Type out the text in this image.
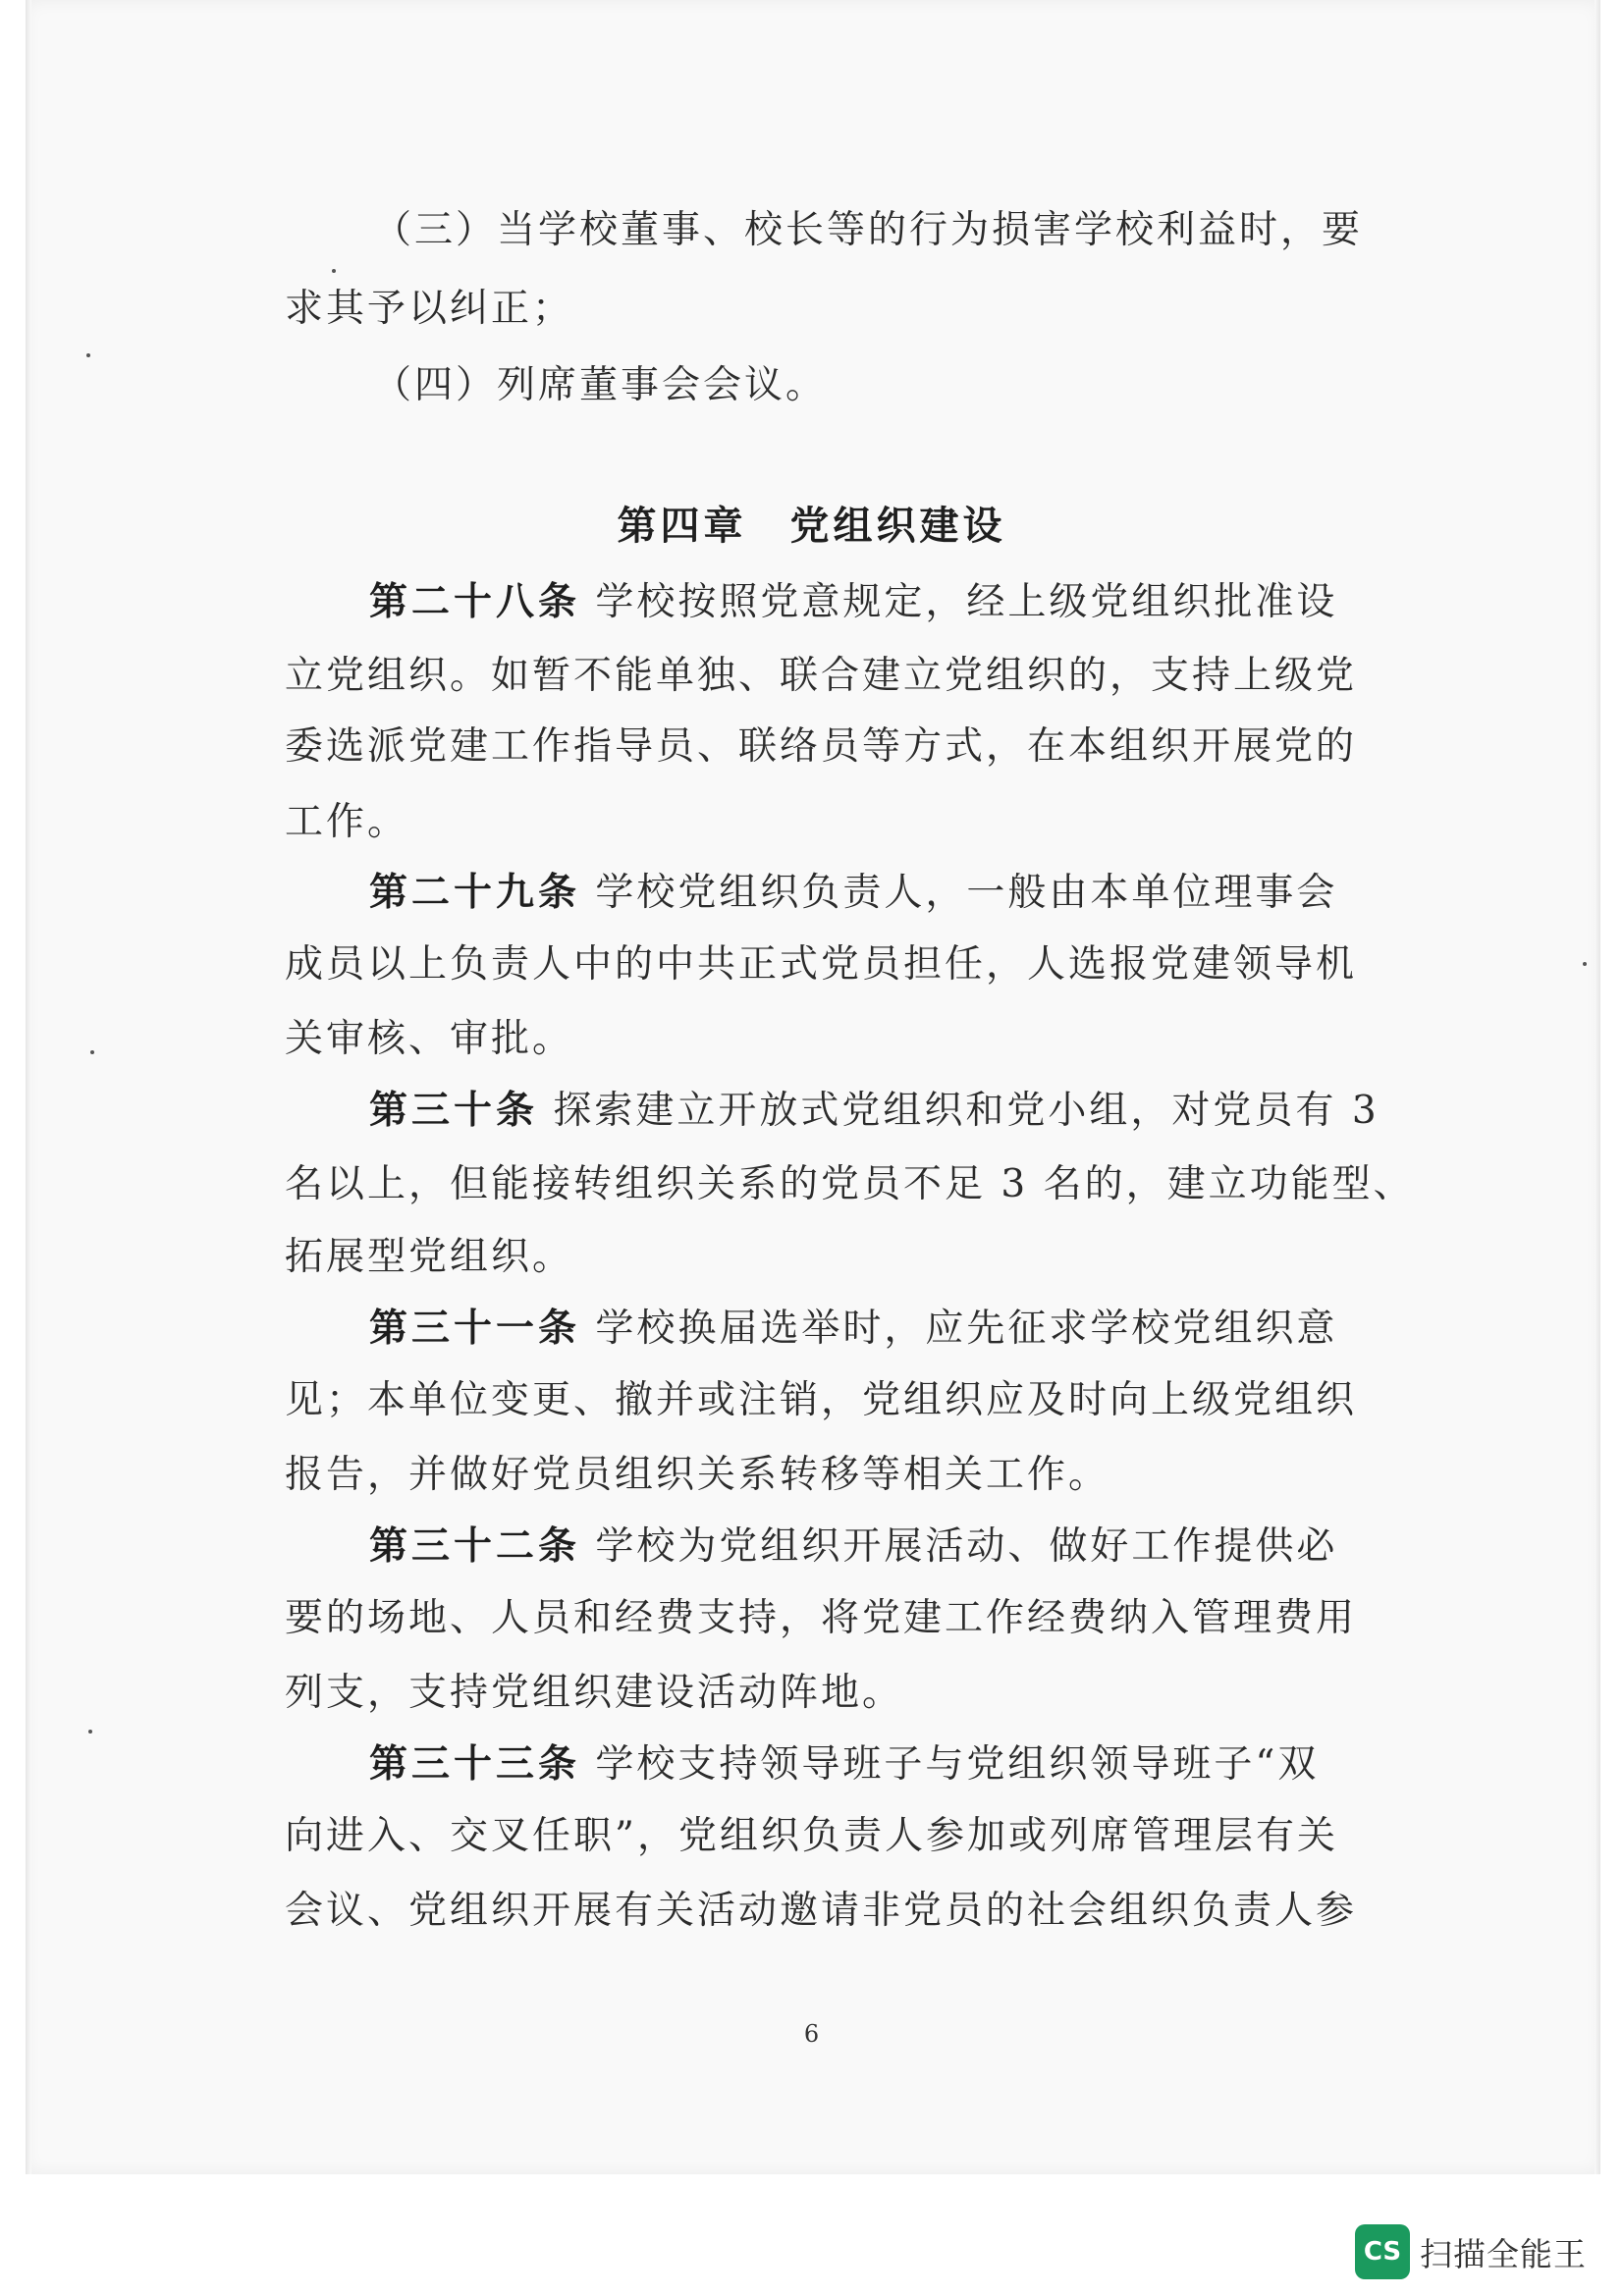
（三）当学校董事、校长等的行为损害学校利益时，要
求其予以纠正；
（四）列席董事会会议。
第四章　党组织建设
第二十八条 学校按照党意规定，经上级党组织批准设
立党组织。如暂不能单独、联合建立党组织的，支持上级党
委选派党建工作指导员、联络员等方式，在本组织开展党的
工作。
第二十九条 学校党组织负责人，一般由本单位理事会
成员以上负责人中的中共正式党员担任，人选报党建领导机
关审核、审批。
第三十条 探索建立开放式党组织和党小组，对党员有 3
名以上，但能接转组织关系的党员不足 3 名的，建立功能型、
拓展型党组织。
第三十一条 学校换届选举时，应先征求学校党组织意
见；本单位变更、撤并或注销，党组织应及时向上级党组织
报告，并做好党员组织关系转移等相关工作。
第三十二条 学校为党组织开展活动、做好工作提供必
要的场地、人员和经费支持，将党建工作经费纳入管理费用
列支，支持党组织建设活动阵地。
第三十三条 学校支持领导班子与党组织领导班子“双
向进入、交叉任职”，党组织负责人参加或列席管理层有关
会议、党组织开展有关活动邀请非党员的社会组织负责人参
6
CS 扫描全能王
